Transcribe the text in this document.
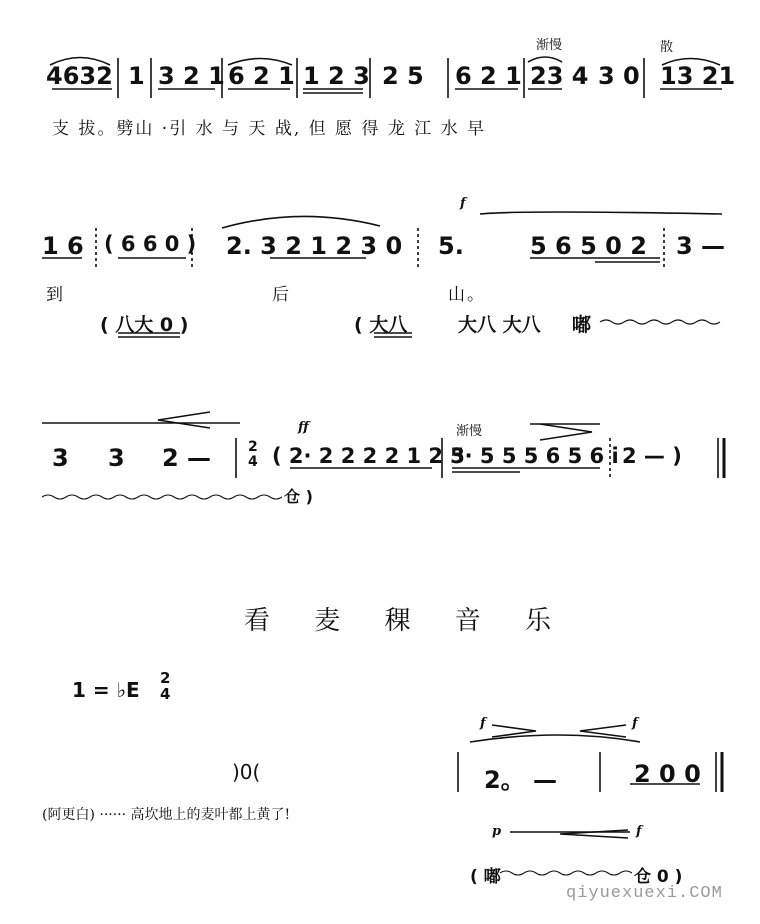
渐慢	散
4632 1 3 2 1 6 2 1 1 2 3 2 5 6 2 1 23 4 3 0 13 21
支 拔。劈山 ·引 水 与 天 战, 但 愿 得 龙 江 水 早
f
1 6 ( 6 6 0 ) 2. 3 2 1 2 3 0 5.	5 6 5 0 2 3 —
到	后	山。
( 八大 0 )	( 大八	大八 大八 嘟
ff	渐慢
3 3 2 —	2
4 ( 2· 2 2 2 2 1 2 3
5· 5 5 5 6 5 6 i 2 — )
仓 )
看 麦 稞 音 乐
1 = ♭E 2
4
)0(
(阿更白) ······ 高坎地上的麦叶都上黄了!
f	f
2。 —	2 0 0
p	f
( 嘟	仓 0 )
qiyuexuexi.COM
